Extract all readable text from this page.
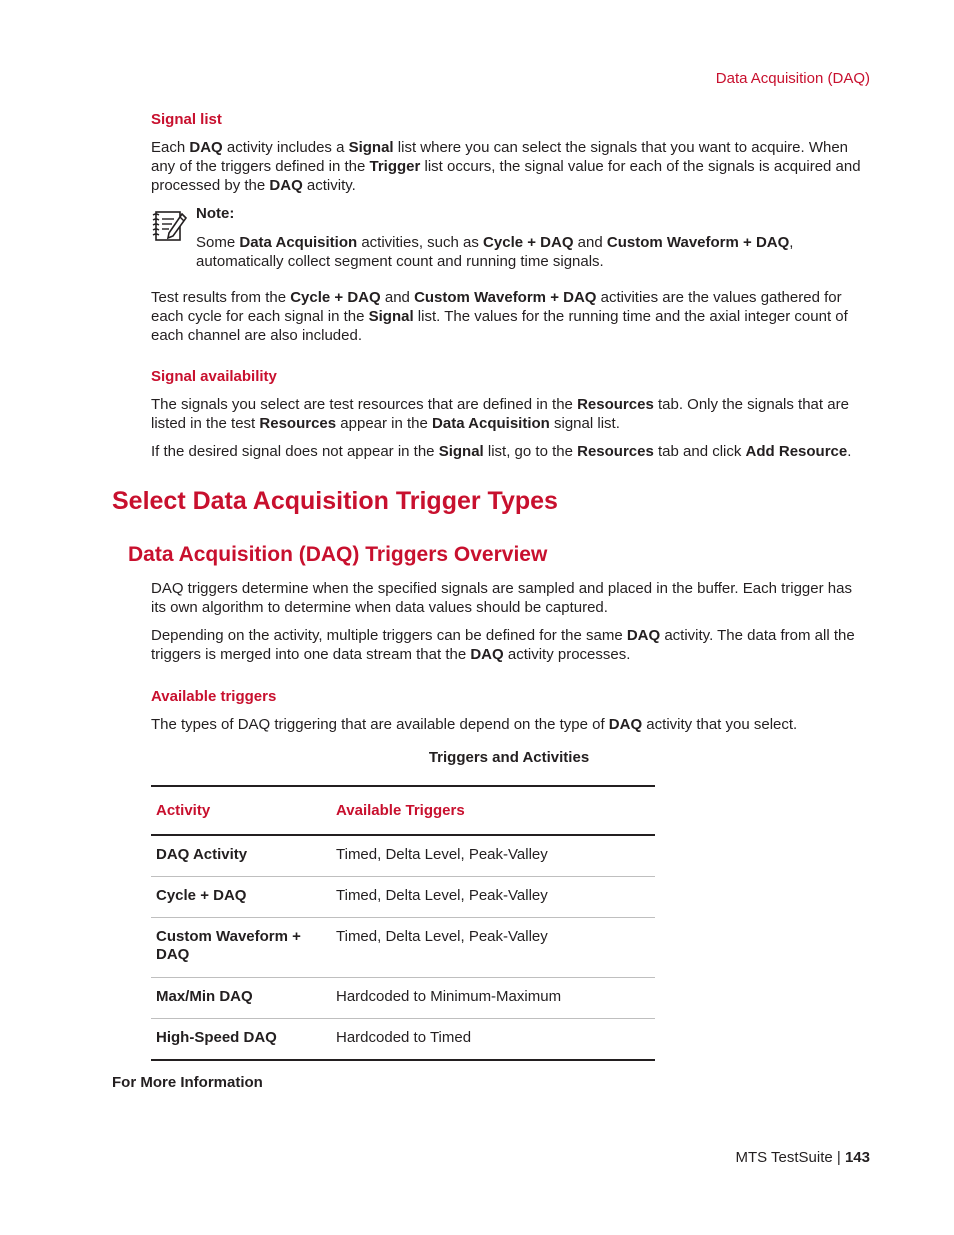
Data Acquisition (DAQ)
Signal list
Each DAQ activity includes a Signal list where you can select the signals that you want to acquire. When any of the triggers defined in the Trigger list occurs, the signal value for each of the signals is acquired and processed by the DAQ activity.
Note:
Some Data Acquisition activities, such as Cycle + DAQ and Custom Waveform + DAQ, automatically collect segment count and running time signals.
Test results from the Cycle + DAQ and Custom Waveform + DAQ activities are the values gathered for each cycle for each signal in the Signal list. The values for the running time and the axial integer count of each channel are also included.
Signal availability
The signals you select are test resources that are defined in the Resources tab. Only the signals that are listed in the test Resources appear in the Data Acquisition signal list.
If the desired signal does not appear in the Signal list, go to the Resources tab and click Add Resource.
Select Data Acquisition Trigger Types
Data Acquisition (DAQ) Triggers Overview
DAQ triggers determine when the specified signals are sampled and placed in the buffer. Each trigger has its own algorithm to determine when data values should be captured.
Depending on the activity, multiple triggers can be defined for the same DAQ activity. The data from all the triggers is merged into one data stream that the DAQ activity processes.
Available triggers
The types of DAQ triggering that are available depend on the type of DAQ activity that you select.
Triggers and Activities
Activity	Available Triggers
DAQ Activity	Timed, Delta Level, Peak-Valley
Cycle + DAQ	Timed, Delta Level, Peak-Valley
Custom Waveform + DAQ	Timed, Delta Level, Peak-Valley
Max/Min DAQ	Hardcoded to Minimum-Maximum
High-Speed DAQ	Hardcoded to Timed
For More Information
MTS TestSuite | 143
